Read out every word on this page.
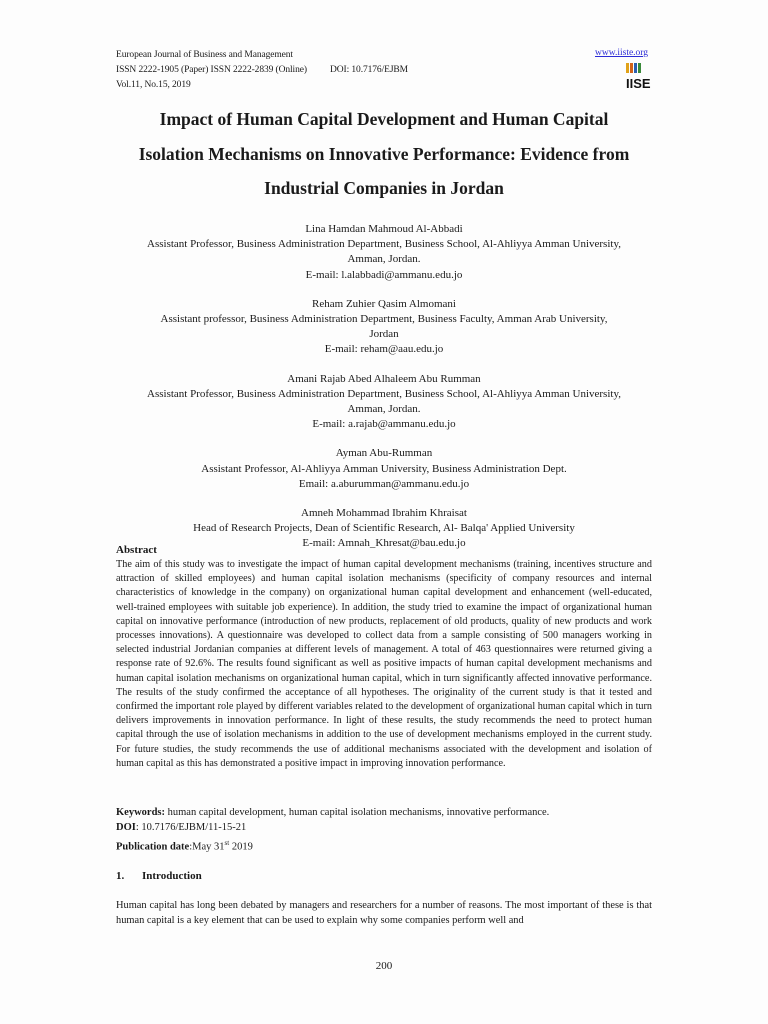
European Journal of Business and Management
ISSN 2222-1905 (Paper) ISSN 2222-2839 (Online) DOI: 10.7176/EJBM
Vol.11, No.15, 2019
www.iiste.org
IISE
Impact of Human Capital Development and Human Capital
Isolation Mechanisms on Innovative Performance: Evidence from
Industrial Companies in Jordan
Lina Hamdan Mahmoud Al-Abbadi
Assistant Professor, Business Administration Department, Business School, Al-Ahliyya Amman University,
Amman, Jordan.
E-mail: l.alabbadi@ammanu.edu.jo
Reham Zuhier Qasim Almomani
Assistant professor, Business Administration Department, Business Faculty, Amman Arab University,
Jordan
E-mail: reham@aau.edu.jo
Amani Rajab Abed Alhaleem Abu Rumman
Assistant Professor, Business Administration Department, Business School, Al-Ahliyya Amman University,
Amman, Jordan.
E-mail: a.rajab@ammanu.edu.jo
Ayman Abu-Rumman
Assistant Professor, Al-Ahliyya Amman University, Business Administration Dept.
Email: a.aburumman@ammanu.edu.jo
Amneh Mohammad Ibrahim Khraisat
Head of Research Projects, Dean of Scientific Research, Al- Balqa' Applied University
E-mail: Amnah_Khresat@bau.edu.jo
Abstract
The aim of this study was to investigate the impact of human capital development mechanisms (training, incentives structure and attraction of skilled employees) and human capital isolation mechanisms (specificity of company resources and internal characteristics of knowledge in the company) on organizational human capital development and enhancement (well-educated, well-trained employees with suitable job experience). In addition, the study tried to examine the impact of organizational human capital on innovative performance (introduction of new products, replacement of old products, quality of new products and work processes innovations). A questionnaire was developed to collect data from a sample consisting of 500 managers working in selected industrial Jordanian companies at different levels of management. A total of 463 questionnaires were returned giving a response rate of 92.6%. The results found significant as well as positive impacts of human capital development mechanisms and human capital isolation mechanisms on organizational human capital, which in turn significantly affected innovative performance. The results of the study confirmed the acceptance of all hypotheses. The originality of the current study is that it tested and confirmed the important role played by different variables related to the development of organizational human capital which in turn delivers improvements in innovation performance. In light of these results, the study recommends the need to protect human capital through the use of isolation mechanisms in addition to the use of development mechanisms employed in the current study. For future studies, the study recommends the use of additional mechanisms associated with the development and isolation of human capital as this has demonstrated a positive impact in improving innovation performance.
Keywords: human capital development, human capital isolation mechanisms, innovative performance.
DOI: 10.7176/EJBM/11-15-21
Publication date:May 31st 2019
1. Introduction
Human capital has long been debated by managers and researchers for a number of reasons. The most important of these is that human capital is a key element that can be used to explain why some companies perform well and
200
